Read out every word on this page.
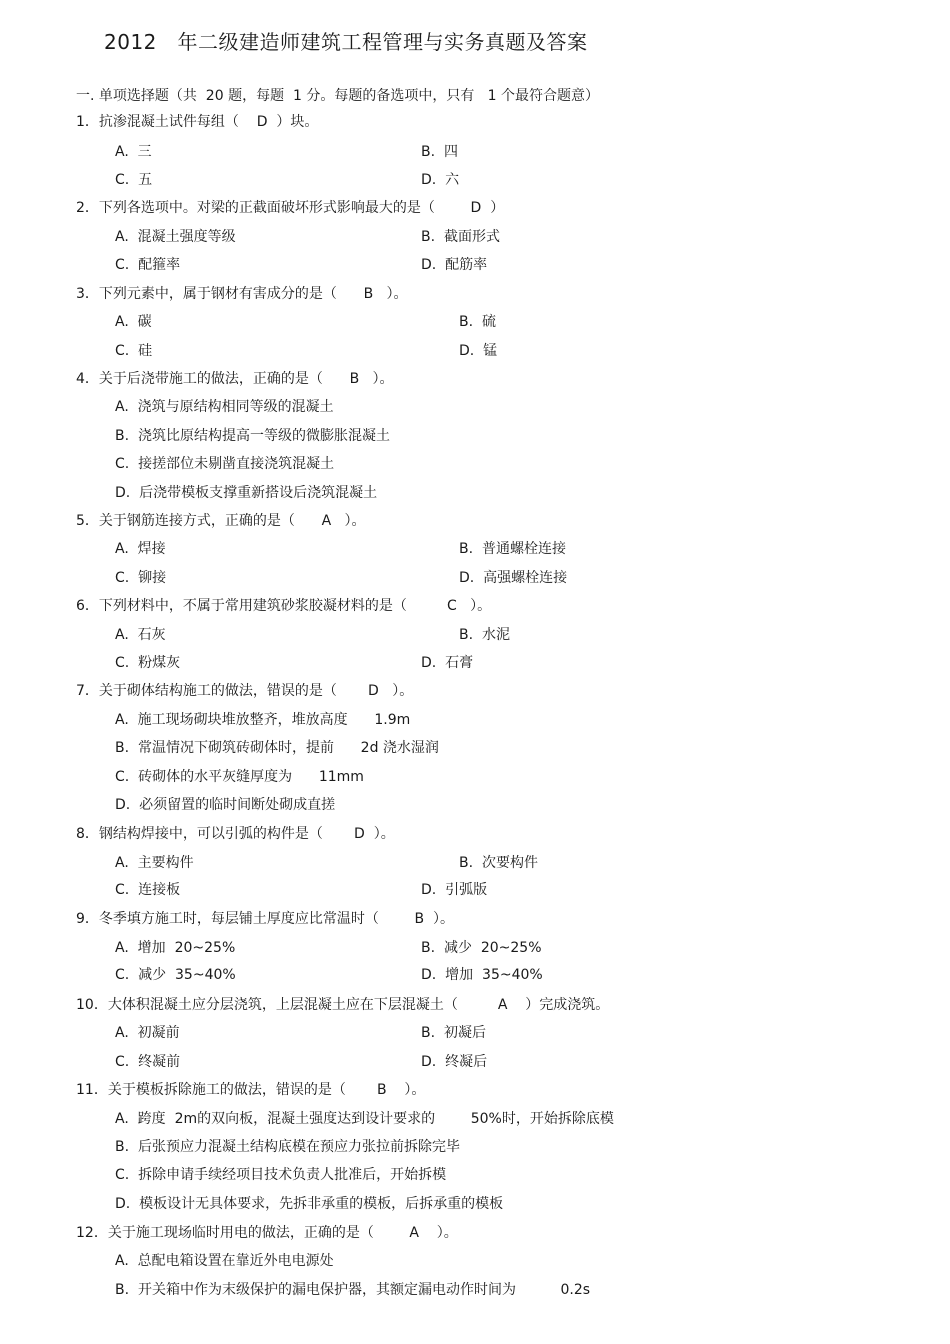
2012   年二级建造师建筑工程管理与实务真题及答案
一. 单项选择题（共  20 题，每题  1 分。每题的备选项中，只有   1 个最符合题意）
1．抗渗混凝土试件每组（    D  ）块。
A.  三	B.  四
C.  五	D.  六
2．下列各选项中。对梁的正截面破坏形式影响最大的是（        D  ）
A.  混凝土强度等级	B.  截面形式
C.  配箍率	D.  配筋率
3．下列元素中，属于钢材有害成分的是（      B   ）。
A.  碳	B.  硫
C.  硅	D.  锰
4．关于后浇带施工的做法，正确的是（      B   ）。
A.  浇筑与原结构相同等级的混凝土
B.  浇筑比原结构提高一等级的微膨胀混凝土
C.  接搓部位未剔凿直接浇筑混凝土
D.  后浇带模板支撑重新搭设后浇筑混凝土
5．关于钢筋连接方式，正确的是（      A   ）。
A.  焊接	B.  普通螺栓连接
C.  铆接	D.  高强螺栓连接
6．下列材料中，不属于常用建筑砂浆胶凝材料的是（         C   ）。
A.  石灰	B.  水泥
C.  粉煤灰	D.  石膏
7．关于砌体结构施工的做法，错误的是（       D   ）。
A.  施工现场砌块堆放整齐，堆放高度      1.9m
B.  常温情况下砌筑砖砌体时，提前      2d 浇水湿润
C.  砖砌体的水平灰缝厚度为      11mm
D.  必须留置的临时间断处砌成直搓
8．钢结构焊接中，可以引弧的构件是（       D  ）。
A.  主要构件	B.  次要构件
C.  连接板	D.  引弧版
9．冬季填方施工时，每层铺土厚度应比常温时（        B  ）。
A.  增加  20~25%	B.  减少  20~25%
C.  减少  35~40%	D.  增加  35~40%
10．大体积混凝土应分层浇筑，上层混凝土应在下层混凝土（         A    ）完成浇筑。
A.  初凝前	B.  初凝后
C.  终凝前	D.  终凝后
11．关于模板拆除施工的做法，错误的是（       B    ）。
A.  跨度  2m的双向板，混凝土强度达到设计要求的        50%时，开始拆除底模
B.  后张预应力混凝土结构底模在预应力张拉前拆除完毕
C.  拆除申请手续经项目技术负责人批准后，开始拆模
D.  模板设计无具体要求，先拆非承重的模板，后拆承重的模板
12．关于施工现场临时用电的做法，正确的是（        A    ）。
A.  总配电箱设置在靠近外电电源处
B.  开关箱中作为末级保护的漏电保护器，其额定漏电动作时间为          0.2s
